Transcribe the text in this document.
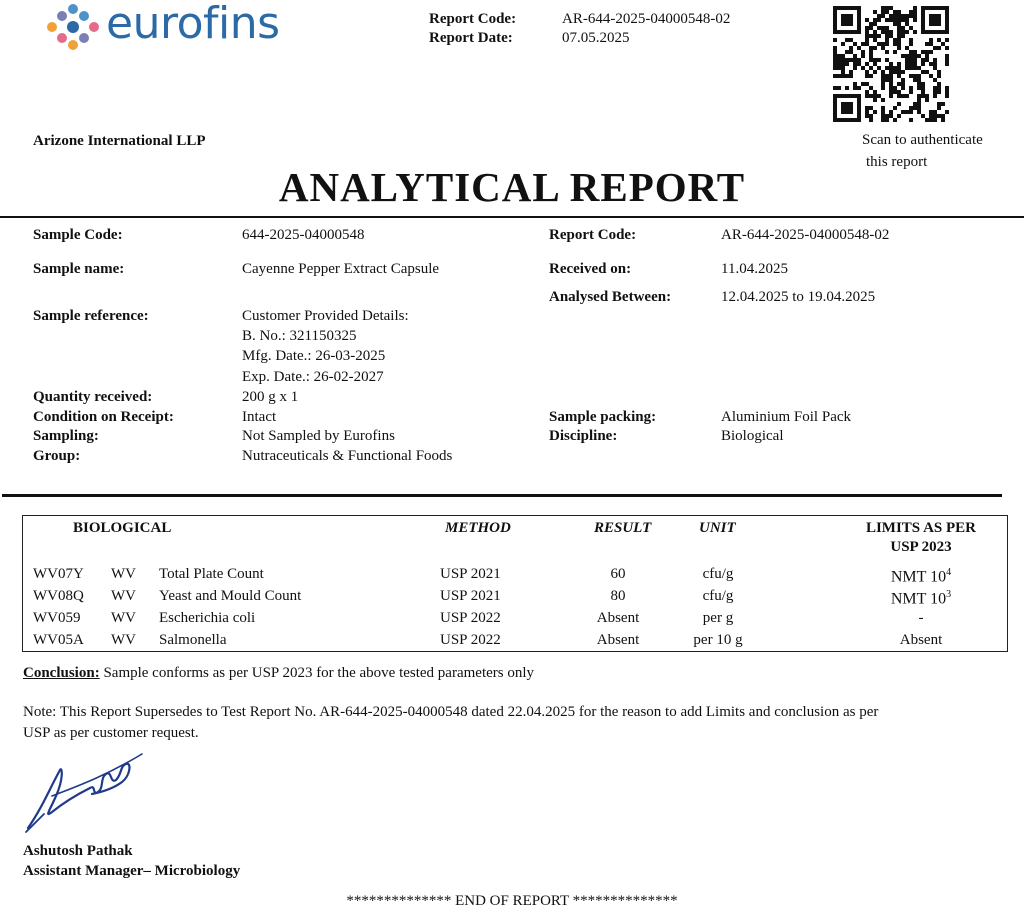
eurofins	Report Code:	AR-644-2025-04000548-02
Report Date:	07.05.2025
Scan to authenticate
this report
Arizone International LLP
ANALYTICAL REPORT
Sample Code:	644-2025-04000548	Report Code:	AR-644-2025-04000548-02
Sample name:	Cayenne Pepper Extract Capsule	Received on:	11.04.2025
Analysed Between:	12.04.2025 to 19.04.2025
Sample reference:	Customer Provided Details:
B. No.: 321150325
Mfg. Date.: 26-03-2025
Exp. Date.: 26-02-2027
Quantity received:	200 g x 1
Condition on Receipt:	Intact	Sample packing:	Aluminium Foil Pack
Sampling:	Not Sampled by Eurofins	Discipline:	Biological
Group:	Nutraceuticals & Functional Foods
BIOLOGICAL	METHOD	RESULT	UNIT	LIMITS AS PER
USP 2023
WV07Y WV Total Plate Count	USP 2021	60	cfu/g	NMT $10^4$
WV08Q WV Yeast and Mould Count	USP 2021	80	cfu/g	NMT $10^3$
WV059 WV Escherichia coli	USP 2022	Absent	per g	-
WV05A WV Salmonella	USP 2022	Absent	per 10 g	Absent
Conclusion: Sample conforms as per USP 2023 for the above tested parameters only
Note: This Report Supersedes to Test Report No. AR-644-2025-04000548 dated 22.04.2025 for the reason to add Limits and conclusion as per
USP as per customer request.
Ashutosh Pathak
Assistant Manager– Microbiology
************** END OF REPORT **************
